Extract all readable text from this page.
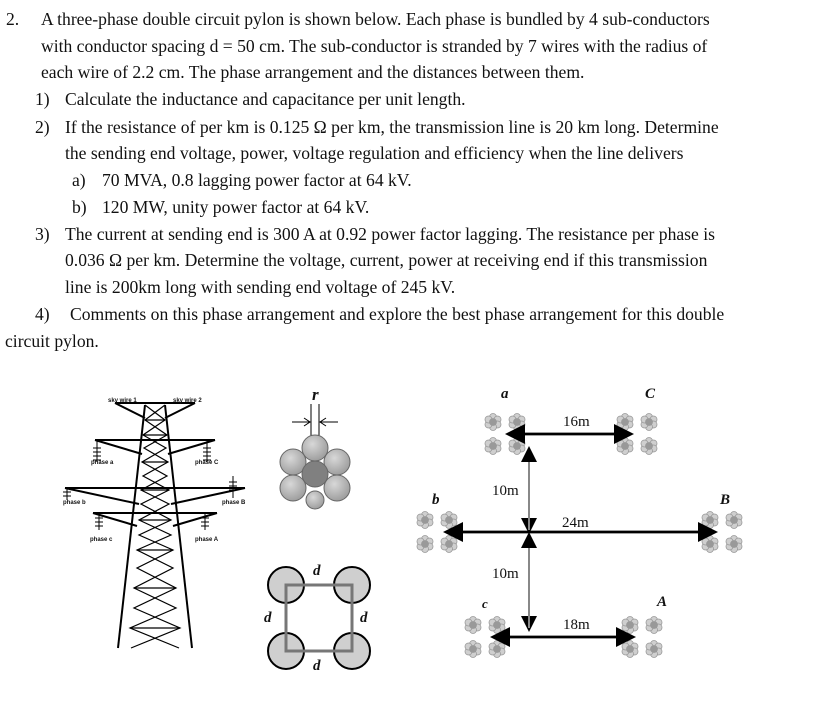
2. A three-phase double circuit pylon is shown below. Each phase is bundled by 4 sub-conductors
with conductor spacing d = 50 cm. The sub-conductor is stranded by 7 wires with the radius of
each wire of 2.2 cm. The phase arrangement and the distances between them.
1) Calculate the inductance and capacitance per unit length.
2) If the resistance of per km is 0.125 Ω per km, the transmission line is 20 km long. Determine
the sending end voltage, power, voltage regulation and efficiency when the line delivers
a) 70 MVA, 0.8 lagging power factor at 64 kV.
b) 120 MW, unity power factor at 64 kV.
3) The current at sending end is 300 A at 0.92 power factor lagging. The resistance per phase is
0.036 Ω per km. Determine the voltage, current, power at receiving end if this transmission
line is 200km long with sending end voltage of 245 kV.
4) Comments on this phase arrangement and explore the best phase arrangement for this double
circuit pylon.
sky wire 1	sky wire 2
phase a	phase C
phase b	phase B
phase c	phase A
r
d
d	d
d
a	C
b	B
c	A
16m
10m
24m
10m
18m
